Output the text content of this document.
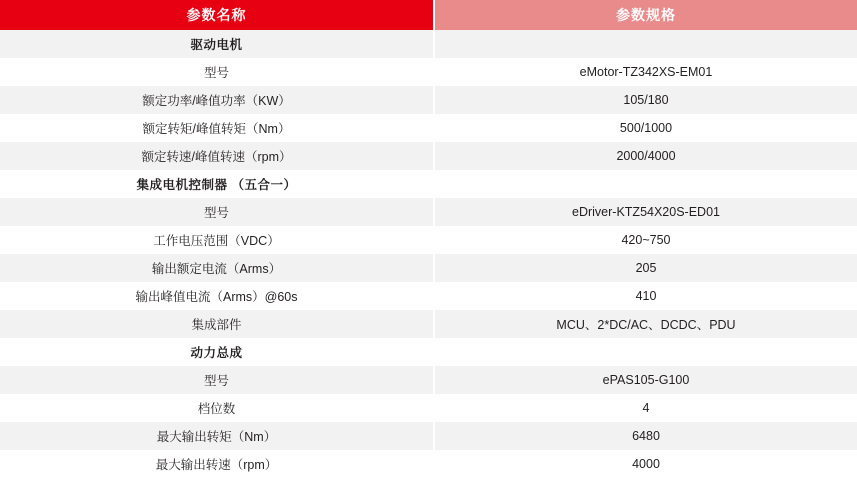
参数名称	参数规格
驱动电机	
型号	eMotor-TZ342XS-EM01
额定功率/峰值功率（KW）	105/180
额定转矩/峰值转矩（Nm）	500/1000
额定转速/峰值转速（rpm）	2000/4000
集成电机控制器 （五合一）	
型号	eDriver-KTZ54X20S-ED01
工作电压范围（VDC）	420~750
输出额定电流（Arms）	205
输出峰值电流（Arms）@60s	410
集成部件	MCU、2*DC/AC、DCDC、PDU
动力总成	
型号	ePAS105-G100
档位数	4
最大输出转矩（Nm）	6480
最大输出转速（rpm）	4000
